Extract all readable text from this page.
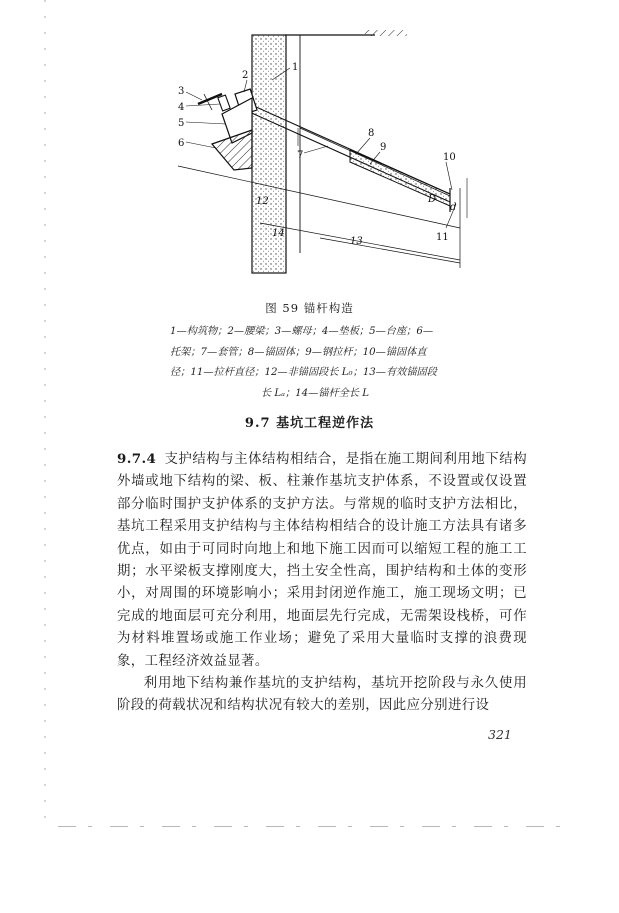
1
2
3
4
5
6
7
8
9
10
11
12
13
14
D
d
图 59 锚杆构造
1—构筑物；2—腰梁；3—螺母；4—垫板；5—台座；6—
托架；7—套管；8—锚固体；9—钢拉杆；10—锚固体直
径；11—拉杆直径；12—非锚固段长 L₀；13—有效锚固段

长 Lₐ；14—锚杆全长 L
9.7 基坑工程逆作法

9.7.4 支护结构与主体结构相结合，是指在施工期间利用地下结构外墙或地下结构的梁、板、柱兼作基坑支护体系，不设置或仅设置部分临时围护支护体系的支护方法。与常规的临时支护方法相比，基坑工程采用支护结构与主体结构相结合的设计施工方法具有诸多优点，如由于可同时向地上和地下施工因而可以缩短工程的施工工期；水平梁板支撑刚度大，挡土安全性高，围护结构和土体的变形小，对周围的环境影响小；采用封闭逆作施工，施工现场文明；已完成的地面层可充分利用，地面层先行完成，无需架设栈桥，可作为材料堆置场或施工作业场；避免了采用大量临时支撑的浪费现象，工程经济效益显著。

利用地下结构兼作基坑的支护结构，基坑开挖阶段与永久使用阶段的荷载状况和结构状况有较大的差别，因此应分别进行设

321
